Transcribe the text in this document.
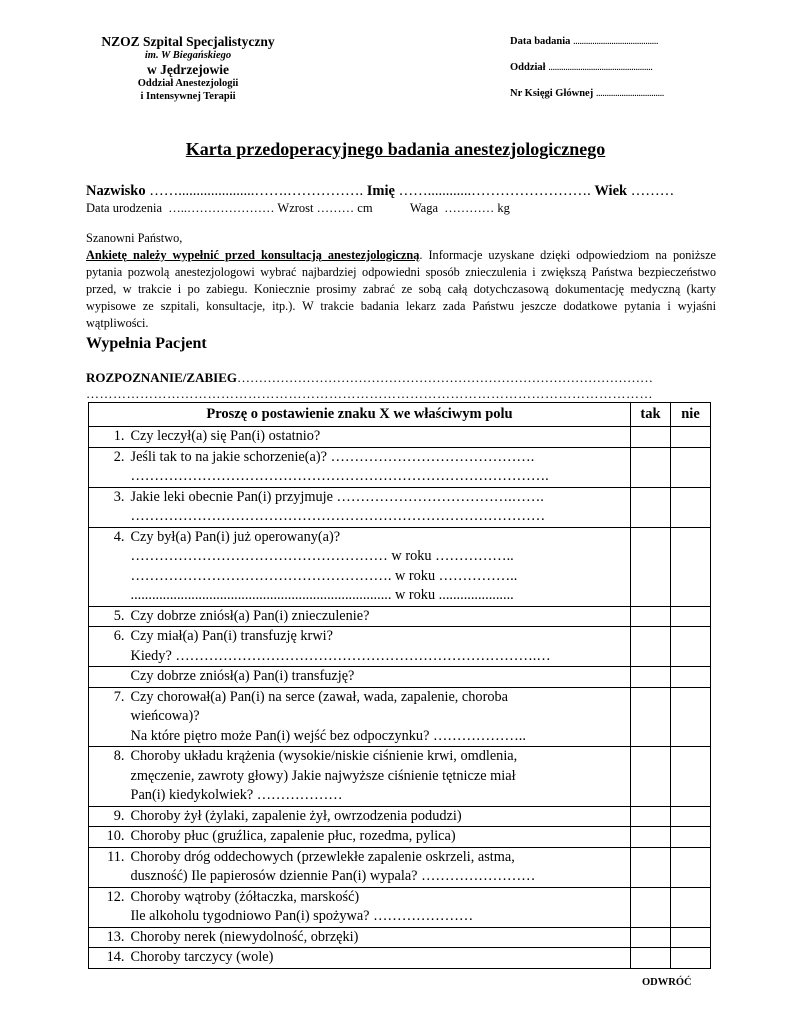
NZOZ Szpital Specjalistyczny
im. W Biegańskiego
w Jędrzejowie
Oddział Anestezjologii
i Intensywnej Terapii
Data badania ........................................
Oddział .................................................
Nr Księgi Głównej ................................
Karta przedoperacyjnego badania anestezjologicznego
Nazwisko …….....................…….……………. Imię ……............……………………. Wiek ………
Data urodzenia …..………………… Wzrost ……… cm	Waga ………… kg
Szanowni Państwo,
Ankietę należy wypełnić przed konsultacją anestezjologiczną. Informacje uzyskane dzięki odpowiedziom na poniższe pytania pozwolą anestezjologowi wybrać najbardziej odpowiedni sposób znieczulenia i zwiększą Państwa bezpieczeństwo przed, w trakcie i po zabiegu. Koniecznie prosimy zabrać ze sobą całą dotychczasową dokumentację medyczną (karty wypisowe ze szpitali, konsultacje, itp.). W trakcie badania lekarz zada Państwu jeszcze dodatkowe pytania i wyjaśni wątpliwości.
Wypełnia Pacjent
ROZPOZNANIE/ZABIEG……………………………………………………………………………………
………………………………………………………………………………………………………………
Proszę o postawienie znaku X we właściwym polu		tak	nie
1.	Czy leczył(a) się Pan(i) ostatnio?		
2.	Jeśli tak to na jakie schorzenie(a)? …………………………………….
…………………………………………………………………………….		

3.	Jakie leki obecnie Pan(i) przyjmuje ……………………………….…….
……………………………………………………………………………		

4.	Czy był(a) Pan(i) już operowany(a)?
……………………………………………… w roku ……………..
………………………………………………. w roku ……………..
......................................................................... w roku .....................		

5.	Czy dobrze zniósł(a) Pan(i) znieczulenie?		
6.	Czy miał(a) Pan(i) transfuzję krwi?
Kiedy? ………………………………………………………………….…		

	Czy dobrze zniósł(a) Pan(i) transfuzję?		
7.	Czy chorował(a) Pan(i) na serce (zawał, wada, zapalenie, choroba
wieńcowa)?
Na które piętro może Pan(i) wejść bez odpoczynku? ………………..		

8.	Choroby układu krążenia (wysokie/niskie ciśnienie krwi, omdlenia,
zmęczenie, zawroty głowy) Jakie najwyższe ciśnienie tętnicze miał
Pan(i) kiedykolwiek? ………………		

9.	Choroby żył (żylaki, zapalenie żył, owrzodzenia podudzi)		
10.	Choroby płuc (gruźlica, zapalenie płuc, rozedma, pylica)		
11.	Choroby dróg oddechowych (przewlekłe zapalenie oskrzeli, astma,
duszność) Ile papierosów dziennie Pan(i) wypala? ……………………		

12.	Choroby wątroby (żółtaczka, marskość)
Ile alkoholu tygodniowo Pan(i) spożywa? …………………		

13.	Choroby nerek (niewydolność, obrzęki)		
14.	Choroby tarczycy (wole)		
ODWRÓĆ
